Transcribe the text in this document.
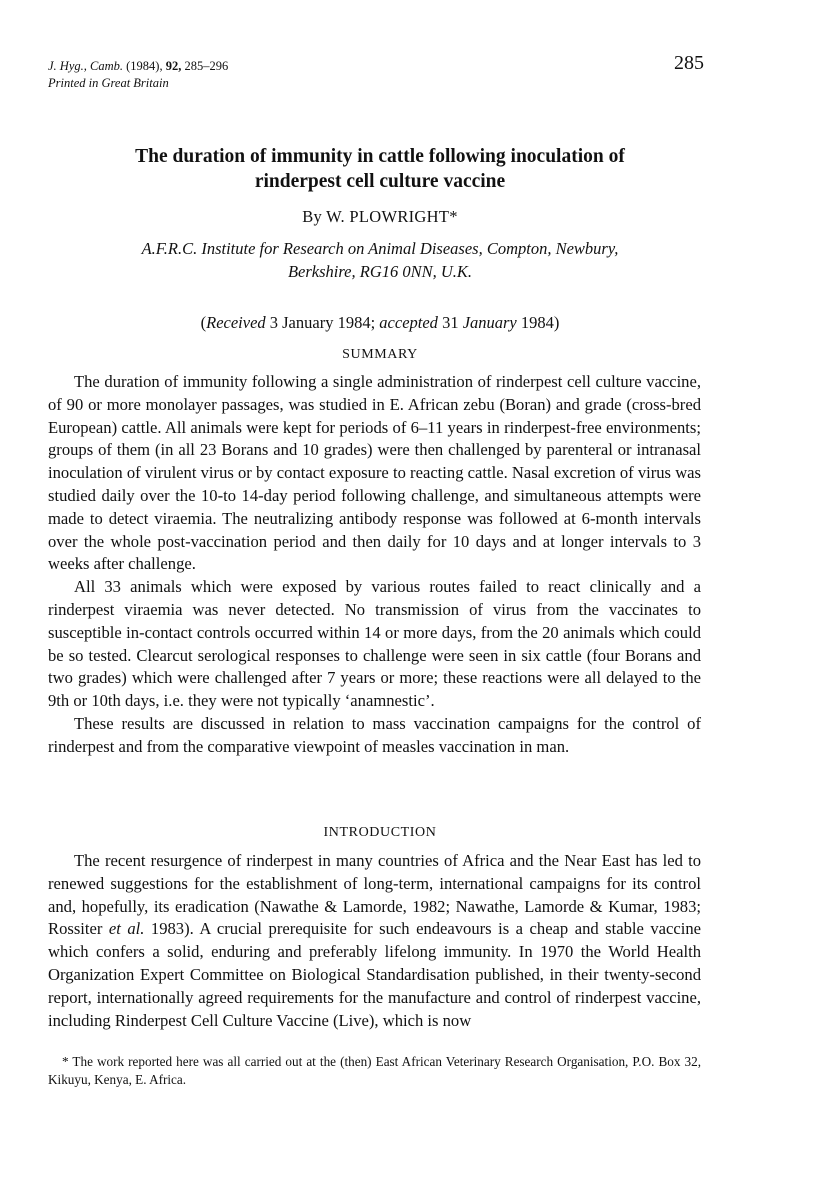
J. Hyg., Camb. (1984), 92, 285–296
Printed in Great Britain
285
The duration of immunity in cattle following inoculation of
rinderpest cell culture vaccine
By W. PLOWRIGHT*
A.F.R.C. Institute for Research on Animal Diseases, Compton, Newbury,
Berkshire, RG16 0NN, U.K.
(Received 3 January 1984; accepted 31 January 1984)
SUMMARY

The duration of immunity following a single administration of rinderpest cell culture vaccine, of 90 or more monolayer passages, was studied in E. African zebu (Boran) and grade (cross-bred European) cattle. All animals were kept for periods of 6–11 years in rinderpest-free environments; groups of them (in all 23 Borans and 10 grades) were then challenged by parenteral or intranasal inoculation of virulent virus or by contact exposure to reacting cattle. Nasal excretion of virus was studied daily over the 10-to 14-day period following challenge, and simultaneous attempts were made to detect viraemia. The neutralizing antibody response was followed at 6-month intervals over the whole post-vaccination period and then daily for 10 days and at longer intervals to 3 weeks after challenge.

All 33 animals which were exposed by various routes failed to react clinically and a rinderpest viraemia was never detected. No transmission of virus from the vaccinates to susceptible in-contact controls occurred within 14 or more days, from the 20 animals which could be so tested. Clearcut serological responses to challenge were seen in six cattle (four Borans and two grades) which were challenged after 7 years or more; these reactions were all delayed to the 9th or 10th days, i.e. they were not typically ‘anamnestic’.

These results are discussed in relation to mass vaccination campaigns for the control of rinderpest and from the comparative viewpoint of measles vaccination in man.

INTRODUCTION

The recent resurgence of rinderpest in many countries of Africa and the Near East has led to renewed suggestions for the establishment of long-term, international campaigns for its control and, hopefully, its eradication (Nawathe & Lamorde, 1982; Nawathe, Lamorde & Kumar, 1983; Rossiter et al. 1983). A crucial prerequisite for such endeavours is a cheap and stable vaccine which confers a solid, enduring and preferably lifelong immunity. In 1970 the World Health Organization Expert Committee on Biological Standardisation published, in their twenty-second report, internationally agreed requirements for the manufacture and control of rinderpest vaccine, including Rinderpest Cell Culture Vaccine (Live), which is now

* The work reported here was all carried out at the (then) East African Veterinary Research Organisation, P.O. Box 32, Kikuyu, Kenya, E. Africa.
